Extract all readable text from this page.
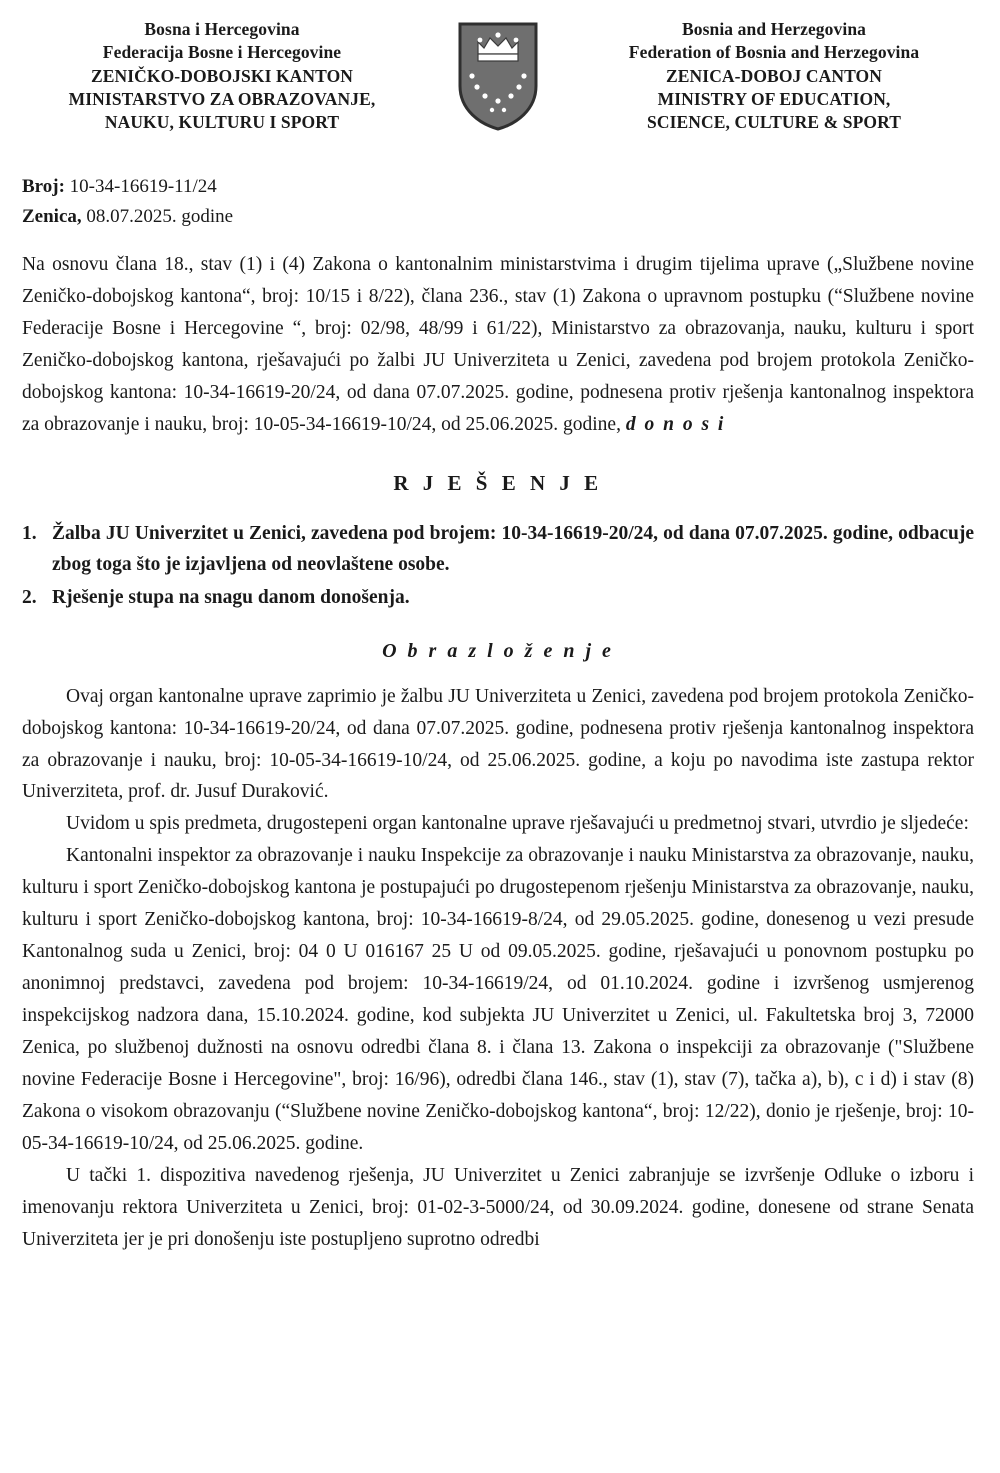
Bosna i Hercegovina
Federacija Bosne i Hercegovine
ZENIČKO-DOBOJSKI KANTON
MINISTARSTVO ZA OBRAZOVANJE,
NAUKU, KULTURU I SPORT
Bosnia and Herzegovina
Federation of Bosnia and Herzegovina
ZENICA-DOBOJ CANTON
MINISTRY OF EDUCATION,
SCIENCE, CULTURE & SPORT
Broj: 10-34-16619-11/24
Zenica, 08.07.2025. godine
Na osnovu člana 18., stav (1) i (4) Zakona o kantonalnim ministarstvima i drugim tijelima uprave („Službene novine Zeničko-dobojskog kantona“, broj: 10/15 i 8/22), člana 236., stav (1) Zakona o upravnom postupku (“Službene novine Federacije Bosne i Hercegovine “, broj: 02/98, 48/99 i 61/22), Ministarstvo za obrazovanja, nauku, kulturu i sport Zeničko-dobojskog kantona, rješavajući po žalbi JU Univerziteta u Zenici, zavedena pod brojem protokola Zeničko-dobojskog kantona: 10-34-16619-20/24, od dana 07.07.2025. godine, podnesena protiv rješenja kantonalnog inspektora za obrazovanje i nauku, broj: 10-05-34-16619-10/24, od 25.06.2025. godine, d o n o s i
R J E Š E N J E
1. Žalba JU Univerzitet u Zenici, zavedena pod brojem: 10-34-16619-20/24, od dana 07.07.2025. godine, odbacuje zbog toga što je izjavljena od neovlaštene osobe.
2. Rješenje stupa na snagu danom donošenja.
O b r a z l o ž e n j e
Ovaj organ kantonalne uprave zaprimio je žalbu JU Univerziteta u Zenici, zavedena pod brojem protokola Zeničko-dobojskog kantona: 10-34-16619-20/24, od dana 07.07.2025. godine, podnesena protiv rješenja kantonalnog inspektora za obrazovanje i nauku, broj: 10-05-34-16619-10/24, od 25.06.2025. godine, a koju po navodima iste zastupa rektor Univerziteta, prof. dr. Jusuf Duraković.
Uvidom u spis predmeta, drugostepeni organ kantonalne uprave rješavajući u predmetnoj stvari, utvrdio je sljedeće:
Kantonalni inspektor za obrazovanje i nauku Inspekcije za obrazovanje i nauku Ministarstva za obrazovanje, nauku, kulturu i sport Zeničko-dobojskog kantona je postupajući po drugostepenom rješenju Ministarstva za obrazovanje, nauku, kulturu i sport Zeničko-dobojskog kantona, broj: 10-34-16619-8/24, od 29.05.2025. godine, donesenog u vezi presude Kantonalnog suda u Zenici, broj: 04 0 U 016167 25 U od 09.05.2025. godine, rješavajući u ponovnom postupku po anonimnoj predstavci, zavedena pod brojem: 10-34-16619/24, od 01.10.2024. godine i izvršenog usmjerenog inspekcijskog nadzora dana, 15.10.2024. godine, kod subjekta JU Univerzitet u Zenici, ul. Fakultetska broj 3, 72000 Zenica, po službenoj dužnosti na osnovu odredbi člana 8. i člana 13. Zakona o inspekciji za obrazovanje ("Službene novine Federacije Bosne i Hercegovine", broj: 16/96), odredbi člana 146., stav (1), stav (7), tačka a), b), c i d) i stav (8) Zakona o visokom obrazovanju (“Službene novine Zeničko-dobojskog kantona“, broj: 12/22), donio je rješenje, broj: 10-05-34-16619-10/24, od 25.06.2025. godine.
U tački 1. dispozitiva navedenog rješenja, JU Univerzitet u Zenici zabranjuje se izvršenje Odluke o izboru i imenovanju rektora Univerziteta u Zenici, broj: 01-02-3-5000/24, od 30.09.2024. godine, donesene od strane Senata Univerziteta jer je pri donošenju iste postupljeno suprotno odredbi
